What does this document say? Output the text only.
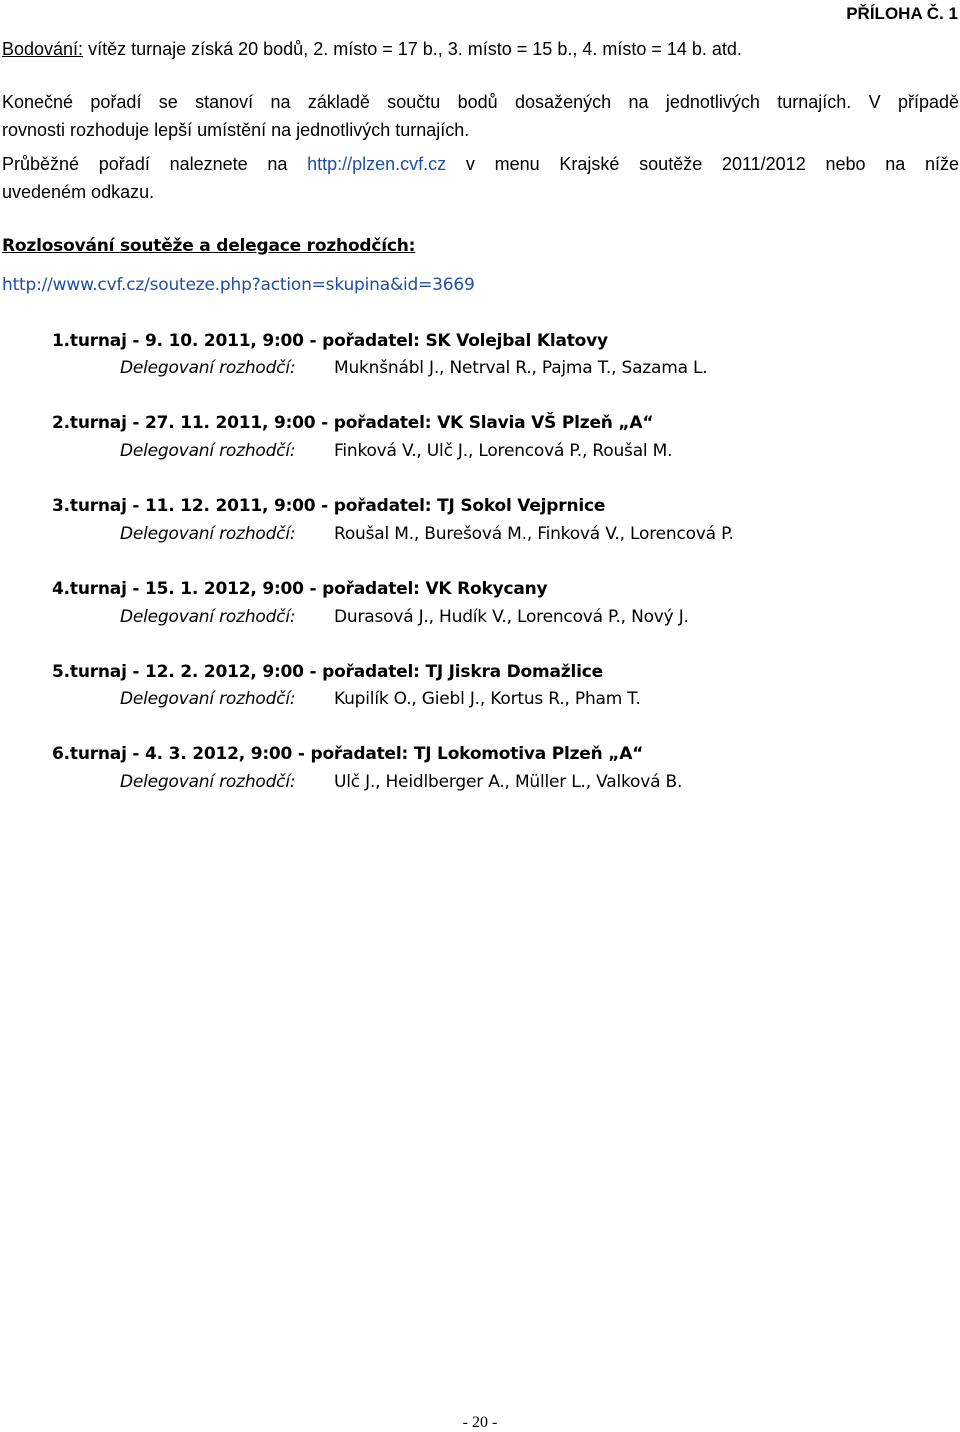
PŘÍLOHA Č. 1
Bodování: vítěz turnaje získá 20 bodů, 2. místo = 17 b., 3. místo = 15 b., 4. místo = 14 b. atd.
Konečné pořadí se stanoví na základě součtu bodů dosažených na jednotlivých turnajích. V případě
rovnosti rozhoduje lepší umístění na jednotlivých turnajích.
Průběžné pořadí naleznete na http://plzen.cvf.cz v menu Krajské soutěže 2011/2012 nebo na níže
uvedeném odkazu.
Rozlosování soutěže a delegace rozhodčích:
http://www.cvf.cz/souteze.php?action=skupina&id=3669
1.turnaj - 9. 10. 2011, 9:00 - pořadatel: SK Volejbal Klatovy
Delegovaní rozhodčí: Muknšnábl J., Netrval R., Pajma T., Sazama L.
2.turnaj - 27. 11. 2011, 9:00 - pořadatel: VK Slavia VŠ Plzeň „A“
Delegovaní rozhodčí: Finková V., Ulč J., Lorencová P., Roušal M.
3.turnaj - 11. 12. 2011, 9:00 - pořadatel: TJ Sokol Vejprnice
Delegovaní rozhodčí: Roušal M., Burešová M., Finková V., Lorencová P.
4.turnaj - 15. 1. 2012, 9:00 - pořadatel: VK Rokycany
Delegovaní rozhodčí: Durasová J., Hudík V., Lorencová P., Nový J.
5.turnaj - 12. 2. 2012, 9:00 - pořadatel: TJ Jiskra Domažlice
Delegovaní rozhodčí: Kupilík O., Giebl J., Kortus R., Pham T.
6.turnaj - 4. 3. 2012, 9:00 - pořadatel: TJ Lokomotiva Plzeň „A“
Delegovaní rozhodčí: Ulč J., Heidlberger A., Müller L., Valková B.
- 20 -
